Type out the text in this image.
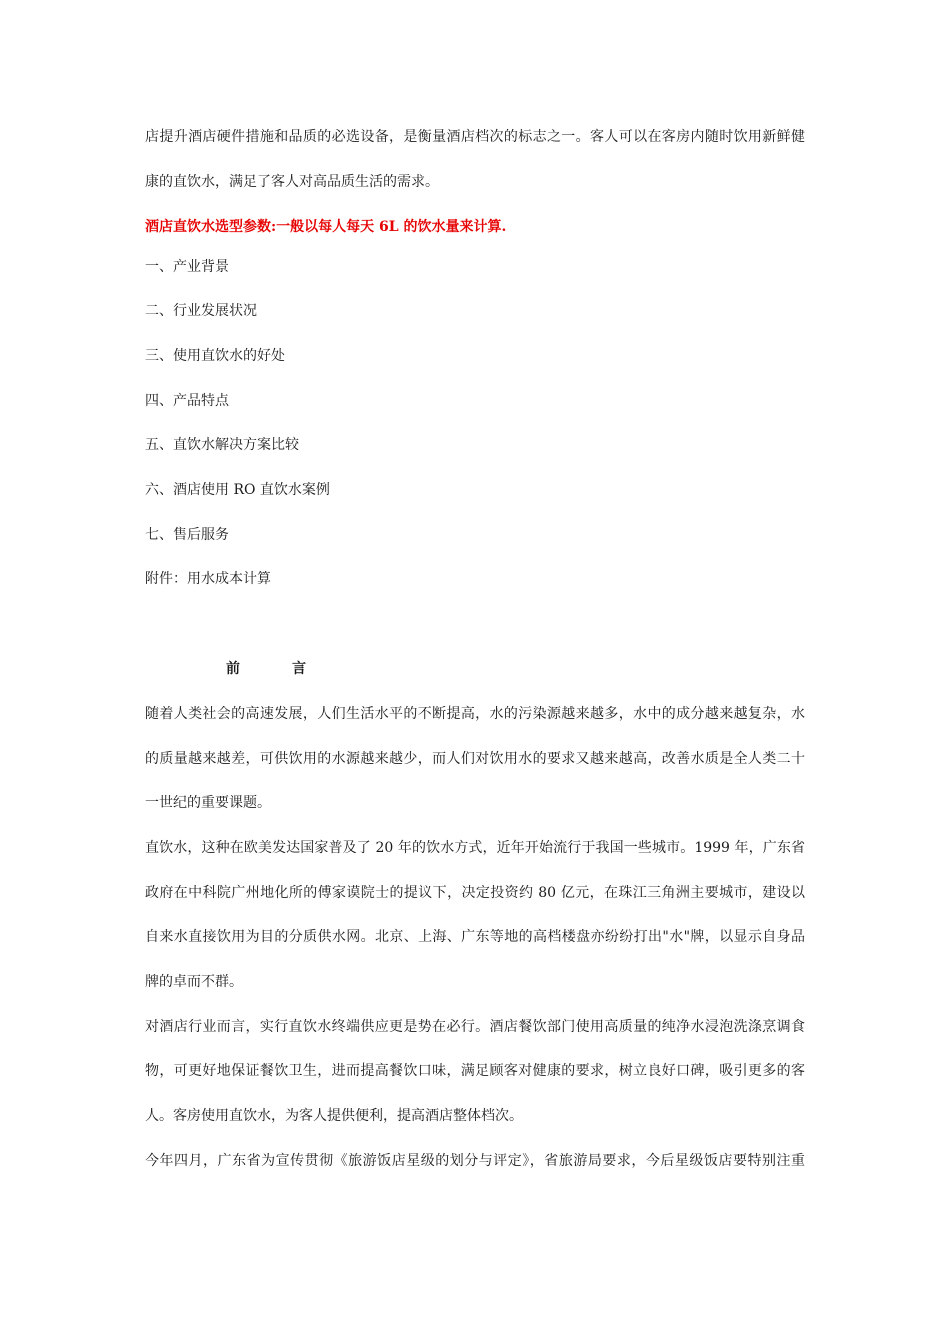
店提升酒店硬件措施和品质的必选设备，是衡量酒店档次的标志之一。客人可以在客房内随时饮用新鲜健
康的直饮水，满足了客人对高品质生活的需求。
酒店直饮水选型参数:一般以每人每天 6L 的饮水量来计算.
一、产业背景
二、行业发展状况
三、使用直饮水的好处
四、产品特点
五、直饮水解决方案比较
六、酒店使用 RO 直饮水案例
七、售后服务
附件：用水成本计算
前	言
随着人类社会的高速发展，人们生活水平的不断提高，水的污染源越来越多，水中的成分越来越复杂，水
的质量越来越差，可供饮用的水源越来越少，而人们对饮用水的要求又越来越高，改善水质是全人类二十
一世纪的重要课题。
直饮水，这种在欧美发达国家普及了 20 年的饮水方式，近年开始流行于我国一些城市。1999 年，广东省
政府在中科院广州地化所的傅家谟院士的提议下，决定投资约 80 亿元，在珠江三角洲主要城市，建设以
自来水直接饮用为目的分质供水网。北京、上海、广东等地的高档楼盘亦纷纷打出"水"牌，以显示自身品
牌的卓而不群。
对酒店行业而言，实行直饮水终端供应更是势在必行。酒店餐饮部门使用高质量的纯净水浸泡洗涤烹调食
物，可更好地保证餐饮卫生，进而提高餐饮口味，满足顾客对健康的要求，树立良好口碑，吸引更多的客
人。客房使用直饮水，为客人提供便利，提高酒店整体档次。
今年四月，广东省为宣传贯彻《旅游饭店星级的划分与评定》，省旅游局要求，今后星级饭店要特别注重
